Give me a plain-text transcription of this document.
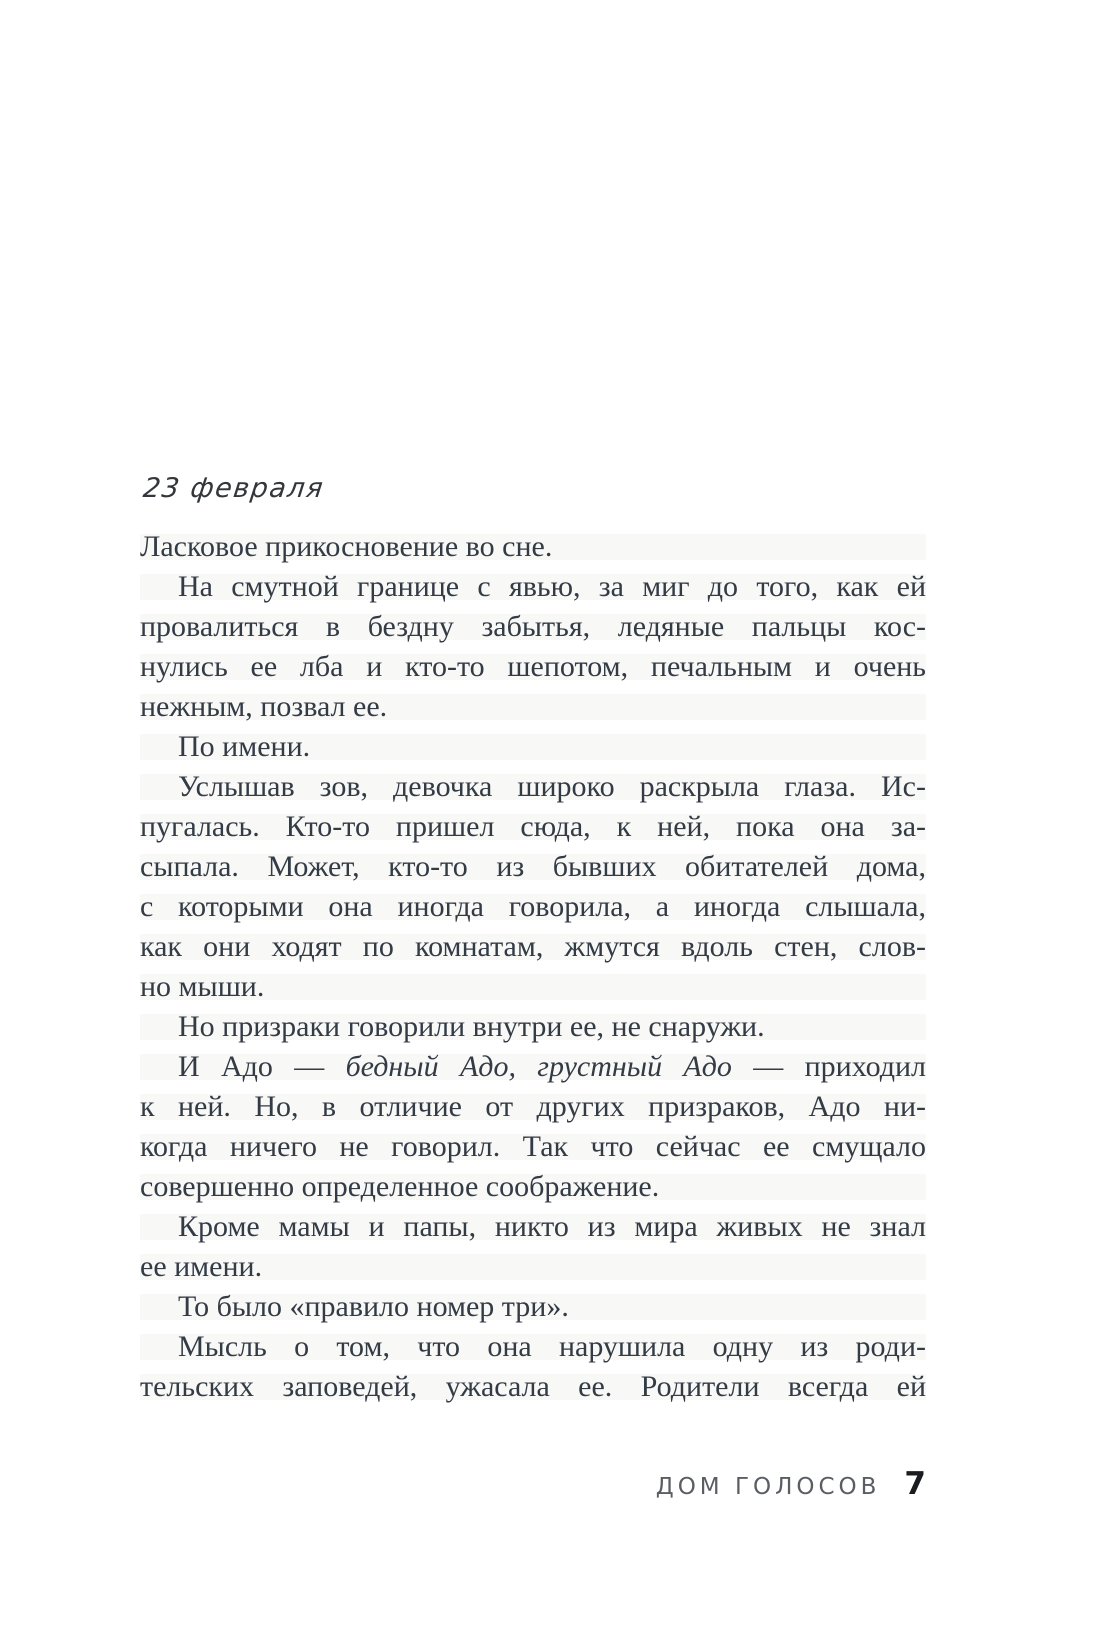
23 февраля
Ласковое прикосновение во сне.
На смутной границе с явью, за миг до того, как ей
провалиться в бездну забытья, ледяные пальцы кос-
нулись ее лба и кто-то шепотом, печальным и очень
нежным, позвал ее.
По имени.
Услышав зов, девочка широко раскрыла глаза. Ис-
пугалась. Кто-то пришел сюда, к ней, пока она за-
сыпала. Может, кто-то из бывших обитателей дома,
с которыми она иногда говорила, а иногда слышала,
как они ходят по комнатам, жмутся вдоль стен, слов-
но мыши.
Но призраки говорили внутри ее, не снаружи.
И Адо — бедный Адо, грустный Адо — приходил
к ней. Но, в отличие от других призраков, Адо ни-
когда ничего не говорил. Так что сейчас ее смущало
совершенно определенное соображение.
Кроме мамы и папы, никто из мира живых не знал
ее имени.
То было «правило номер три».
Мысль о том, что она нарушила одну из роди-
тельских заповедей, ужасала ее. Родители всегда ей
ДОМ ГОЛОСОВ 7
